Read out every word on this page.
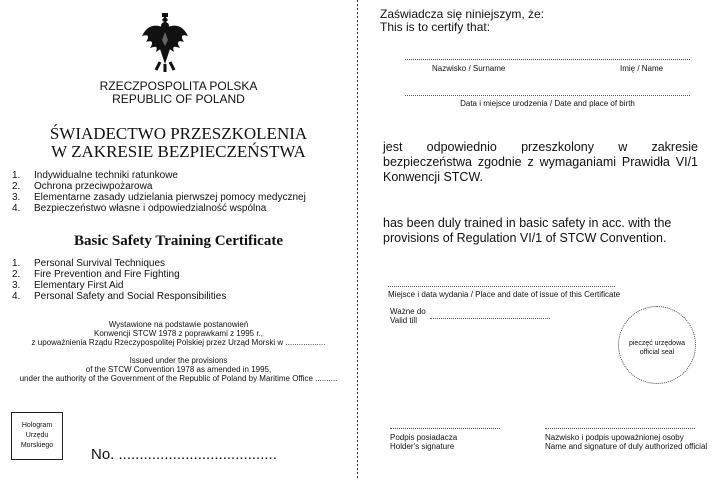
RZECZPOSPOLITA POLSKA
REPUBLIC OF POLAND
ŚWIADECTWO PRZESZKOLENIA
W ZAKRESIE BEZPIECZEŃSTWA
1.	Indywidualne techniki ratunkowe
2.	Ochrona przeciwpożarowa
3.	Elementarne zasady udzielania pierwszej pomocy medycznej
4.	Bezpieczeństwo własne i odpowiedzialność wspólna
Basic Safety Training Certificate
1.	Personal Survival Techniques
2.	Fire Prevention and Fire Fighting
3.	Elementary First Aid
4.	Personal Safety and Social Responsibilities
Wystawione na podstawie postanowień
Konwencji STCW 1978 z poprawkami z 1995 r.,
z upoważnienia Rządu Rzeczypospolitej Polskiej przez Urząd Morski w ..................
Issued under the provisions
of the STCW Convention 1978 as amended in 1995,
under the authority of the Government of the Republic of Poland by Maritime Office ..........
Hologram
Urzędu
Morskiego
No. ......................................
Zaświadcza się niniejszym, że:
This is to certify that:
Nazwisko / Surname	Imię / Name
Data i miejsce urodzenia / Date and place of birth
jest odpowiednio przeszkolony w zakresie bezpieczeństwa zgodnie z wymaganiami Prawidła VI/1 Konwencji STCW.
has been duly trained in basic safety in acc. with the provisions of Regulation VI/1 of STCW Convention.
Miejsce i data wydania / Place and date of issue of this Certificate
Ważne do
Valid till
pieczęć urzędowa
official seal
Podpis posiadacza
Holder's signature
Nazwisko i podpis upoważnionej osoby
Name and signature of duly authorized official
